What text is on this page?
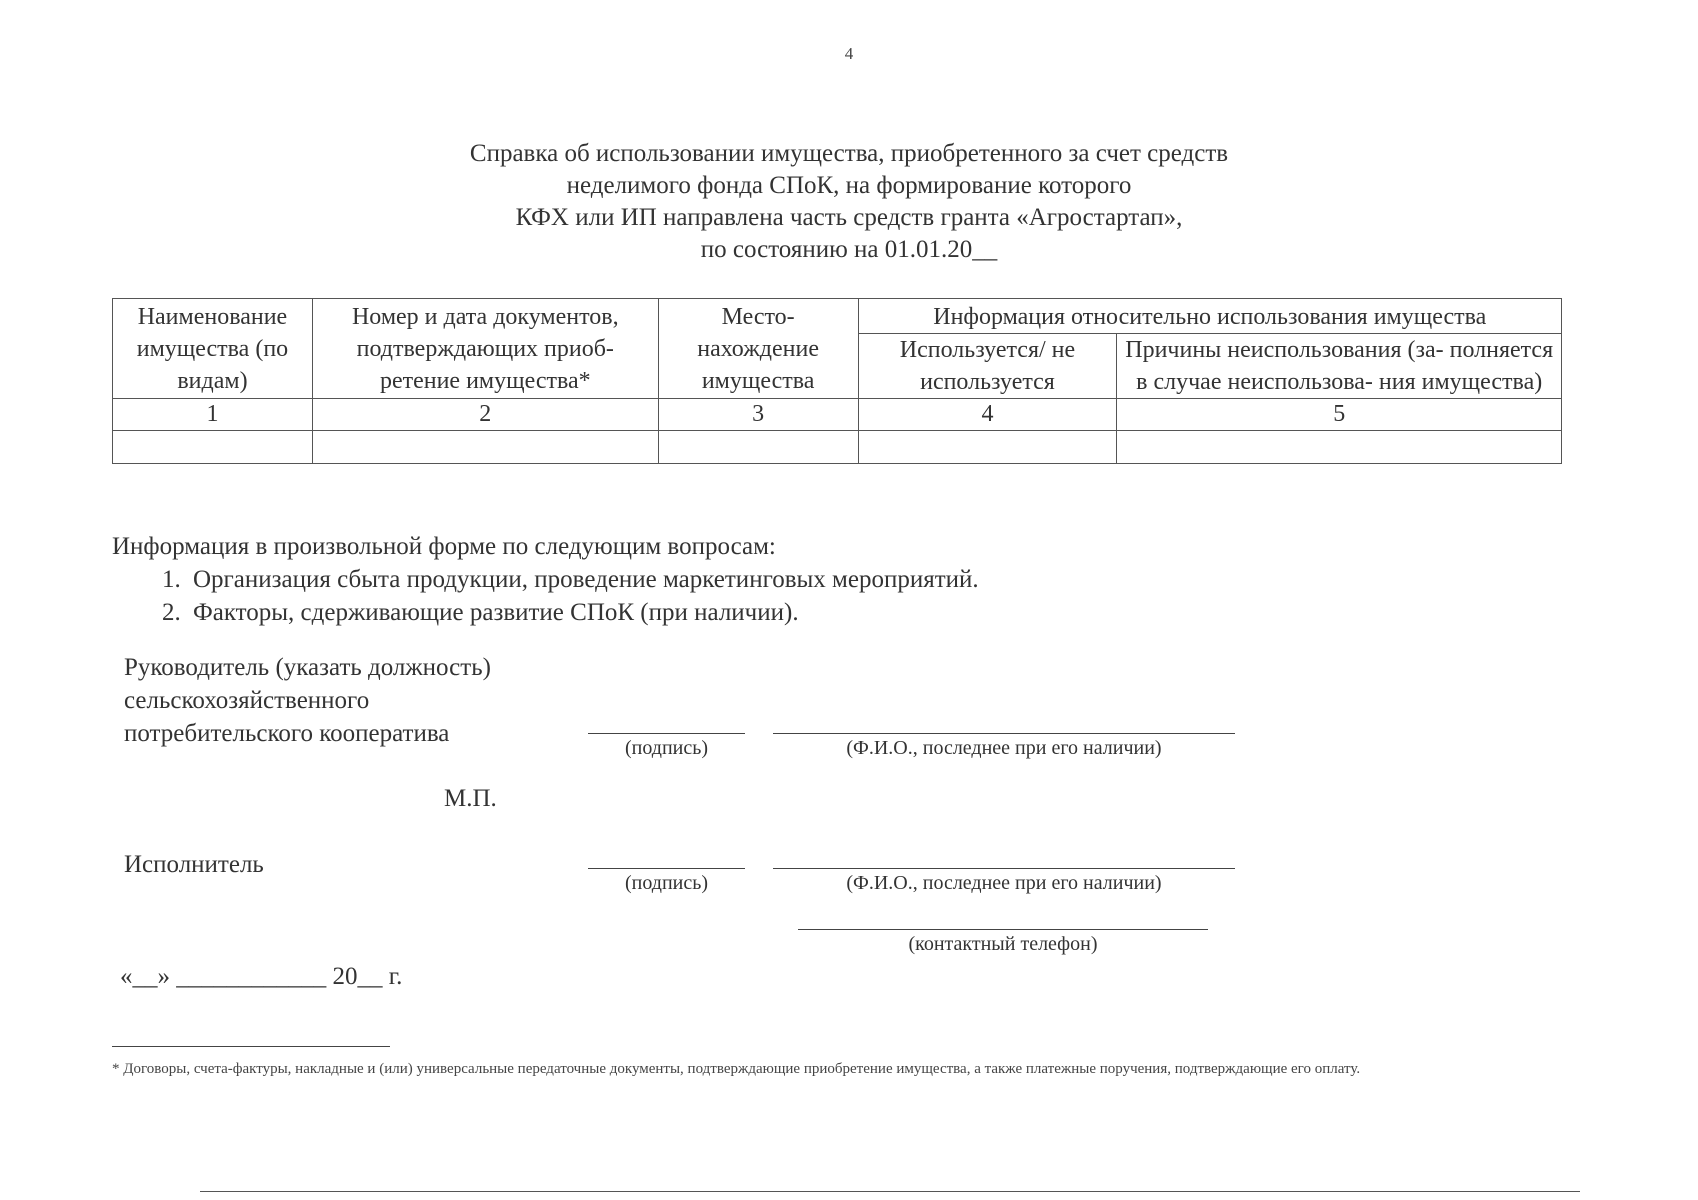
4
Справка об использовании имущества, приобретенного за счет средств
неделимого фонда СПоК, на формирование которого
КФХ или ИП направлена часть средств гранта «Агростартап»,
по состоянию на 01.01.20__
Наименование имущества (по видам)	Номер и дата документов, подтверждающих приоб- ретение имущества*	Место- нахождение имущества	Информация относительно использования имущества	
			Используется/ не используется	Причины неиспользования (за- полняется в случае неиспользова- ния имущества)
1	2	3	4	5

Информация в произвольной форме по следующим вопросам:
1. Организация сбыта продукции, проведение маркетинговых мероприятий.
2. Факторы, сдерживающие развитие СПоК (при наличии).
Руководитель (указать должность)
сельскохозяйственного
потребительского кооператива
(подпись)	(Ф.И.О., последнее при его наличии)
М.П.
Исполнитель
(подпись)	(Ф.И.О., последнее при его наличии)
(контактный телефон)
«__» ____________ 20__ г.
* Договоры, счета-фактуры, накладные и (или) универсальные передаточные документы, подтверждающие приобретение имущества, а также платежные поручения, подтверждающие его оплату.
